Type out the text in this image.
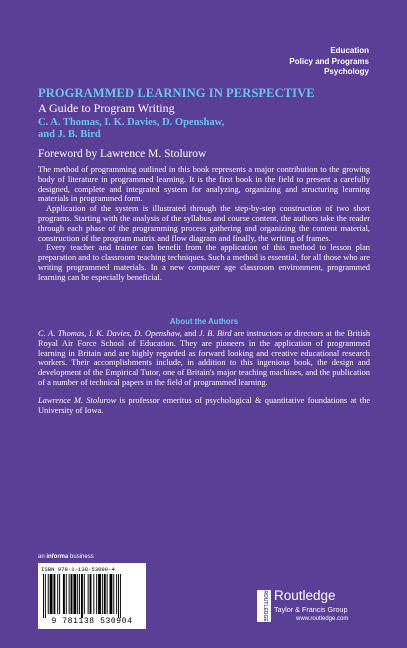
Education
Policy and Programs
Psychology
PROGRAMMED LEARNING IN PERSPECTIVE
A Guide to Program Writing
C. A. Thomas, I. K. Davies, D. Openshaw,
and J. B. Bird
Foreword by Lawrence M. Stolurow

The method of programming outlined in this book represents a major contribution to the growing body of literature in programmed learning. It is the first book in the field to present a carefully designed, complete and integrated system for analyzing, organizing and structuring learning materials in programmed form.

Application of the system is illustrated through the step-by-step construction of two short programs. Starting with the analysis of the syllabus and course content, the authors take the reader through each phase of the programming process gathering and organizing the content material, construction of the program matrix and flow diagram and finally, the writing of frames.

Every teacher and trainer can benefit from the application of this method to lesson plan preparation and to classroom teaching techniques. Such a method is essential, for all those who are writing programmed materials. In a new computer age classroom environment, programmed learning can be especially beneficial.

About the Authors

C. A. Thomas, I. K. Davies, D. Openshaw, and J. B. Bird are instructors or directors at the British Royal Air Force School of Education. They are pioneers in the application of programmed learning in Britain and are highly regarded as forward looking and creative educational research workers. Their accomplishments include, in addition to this ingenious book, the design and development of the Empirical Tutor, one of Britain's major teaching machines, and the publication of a number of technical papers in the field of programmed learning.

Lawrence M. Stolurow is professor emeritus of psychological & quantitative foundations at the University of Iowa.

an informa business
ISBN 978-1-138-53090-4
9 781138 530904	ROUTLEDGE Routledge
Taylor & Francis Group
www.routledge.com
